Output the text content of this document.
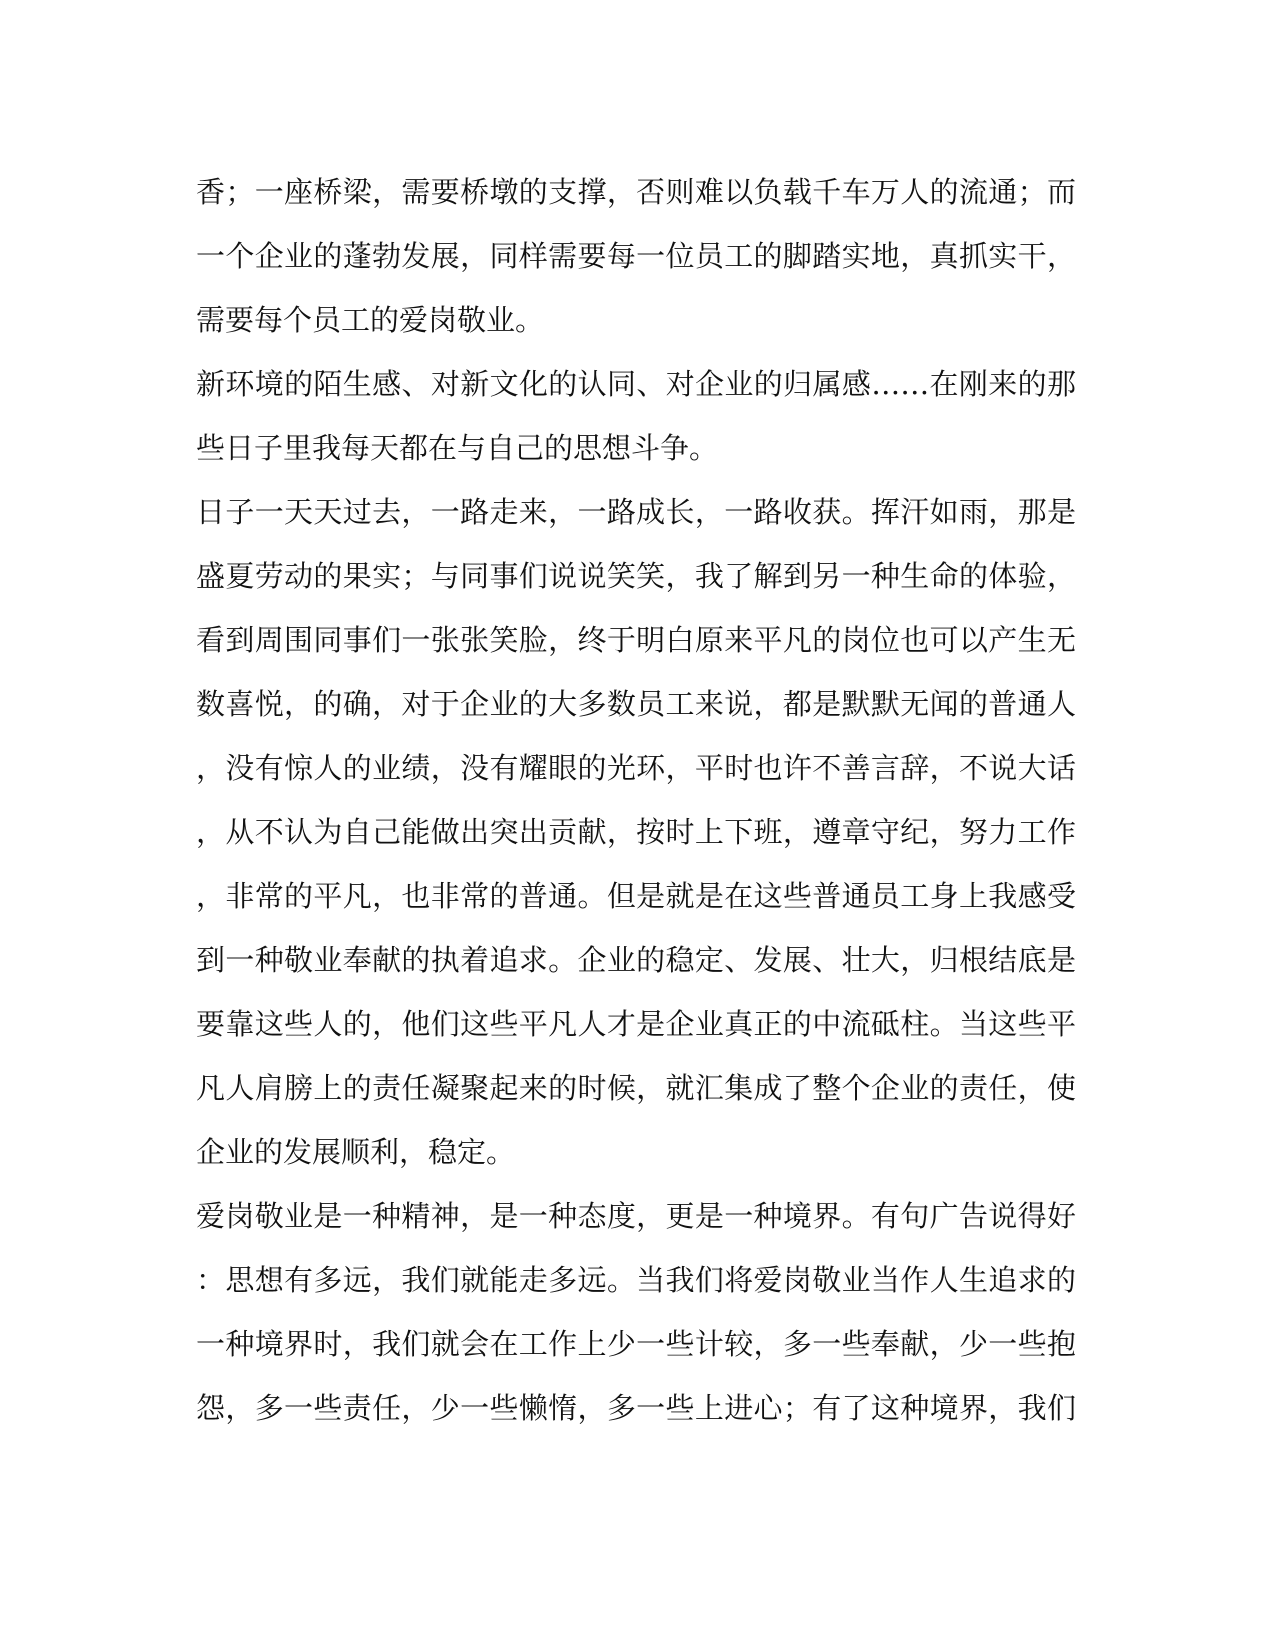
香；一座桥梁，需要桥墩的支撑，否则难以负载千车万人的流通；而
一个企业的蓬勃发展，同样需要每一位员工的脚踏实地，真抓实干，
需要每个员工的爱岗敬业。
新环境的陌生感、对新文化的认同、对企业的归属感……在刚来的那
些日子里我每天都在与自己的思想斗争。
日子一天天过去，一路走来，一路成长，一路收获。挥汗如雨，那是
盛夏劳动的果实；与同事们说说笑笑，我了解到另一种生命的体验，
看到周围同事们一张张笑脸，终于明白原来平凡的岗位也可以产生无
数喜悦，的确，对于企业的大多数员工来说，都是默默无闻的普通人
，没有惊人的业绩，没有耀眼的光环，平时也许不善言辞，不说大话
，从不认为自己能做出突出贡献，按时上下班，遵章守纪，努力工作
，非常的平凡，也非常的普通。但是就是在这些普通员工身上我感受
到一种敬业奉献的执着追求。企业的稳定、发展、壮大，归根结底是
要靠这些人的，他们这些平凡人才是企业真正的中流砥柱。当这些平
凡人肩膀上的责任凝聚起来的时候，就汇集成了整个企业的责任，使
企业的发展顺利，稳定。
爱岗敬业是一种精神，是一种态度，更是一种境界。有句广告说得好
：思想有多远，我们就能走多远。当我们将爱岗敬业当作人生追求的
一种境界时，我们就会在工作上少一些计较，多一些奉献，少一些抱
怨，多一些责任，少一些懒惰，多一些上进心；有了这种境界，我们
